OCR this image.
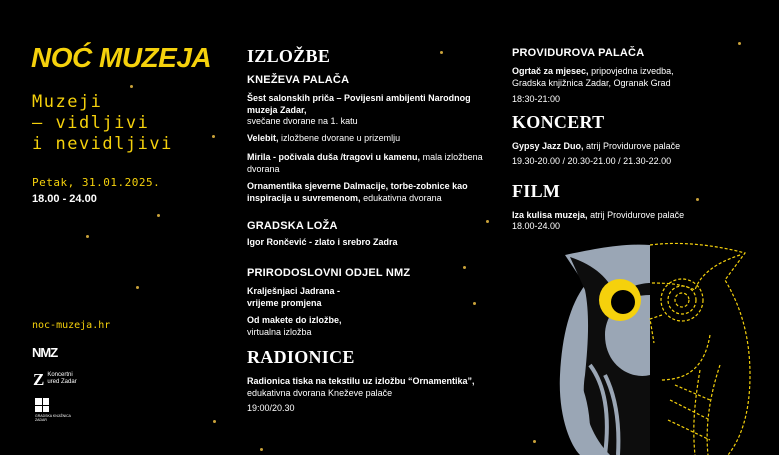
NOĆ MUZEJA
Muzeji
— vidljivi
i nevidljivi
Petak, 31.01.2025.
18.00 - 24.00
noc-muzeja.hr
NMZ
Z Koncertni
ured Zadar
GRADSKA KNJIŽNICA ZADAR
IZLOŽBE
KNEŽEVA PALAČA
Šest salonskih priča – Povijesni ambijenti Narodnog muzeja Zadar,
svečane dvorane na 1. katu
Velebit, izložbene dvorane u prizemlju
Mirila - počivala duša /tragovi u kamenu, mala izložbena dvorana
Ornamentika sjeverne Dalmacije, torbe-zobnice kao inspiracija u suvremenom, edukativna dvorana
GRADSKA LOŽA
Igor Rončević - zlato i srebro Zadra
PRIRODOSLOVNI ODJEL NMZ
Kralješnjaci Jadrana - vrijeme promjena
Od makete do izložbe,
virtualna izložba
RADIONICE
Radionica tiska na tekstilu uz izložbu “Ornamentika”,
edukativna dvorana Kneževe palače
19:00/20.30
PROVIDUROVA PALAČA
Ogrtač za mjesec, pripovjedna izvedba, Gradska knjižnica Zadar, Ogranak Grad
18:30-21:00
KONCERT
Gypsy Jazz Duo, atrij Providurove palače
19.30-20.00 / 20.30-21.00 / 21.30-22.00
FILM
Iza kulisa muzeja, atrij Providurove palače
18.00-24.00
